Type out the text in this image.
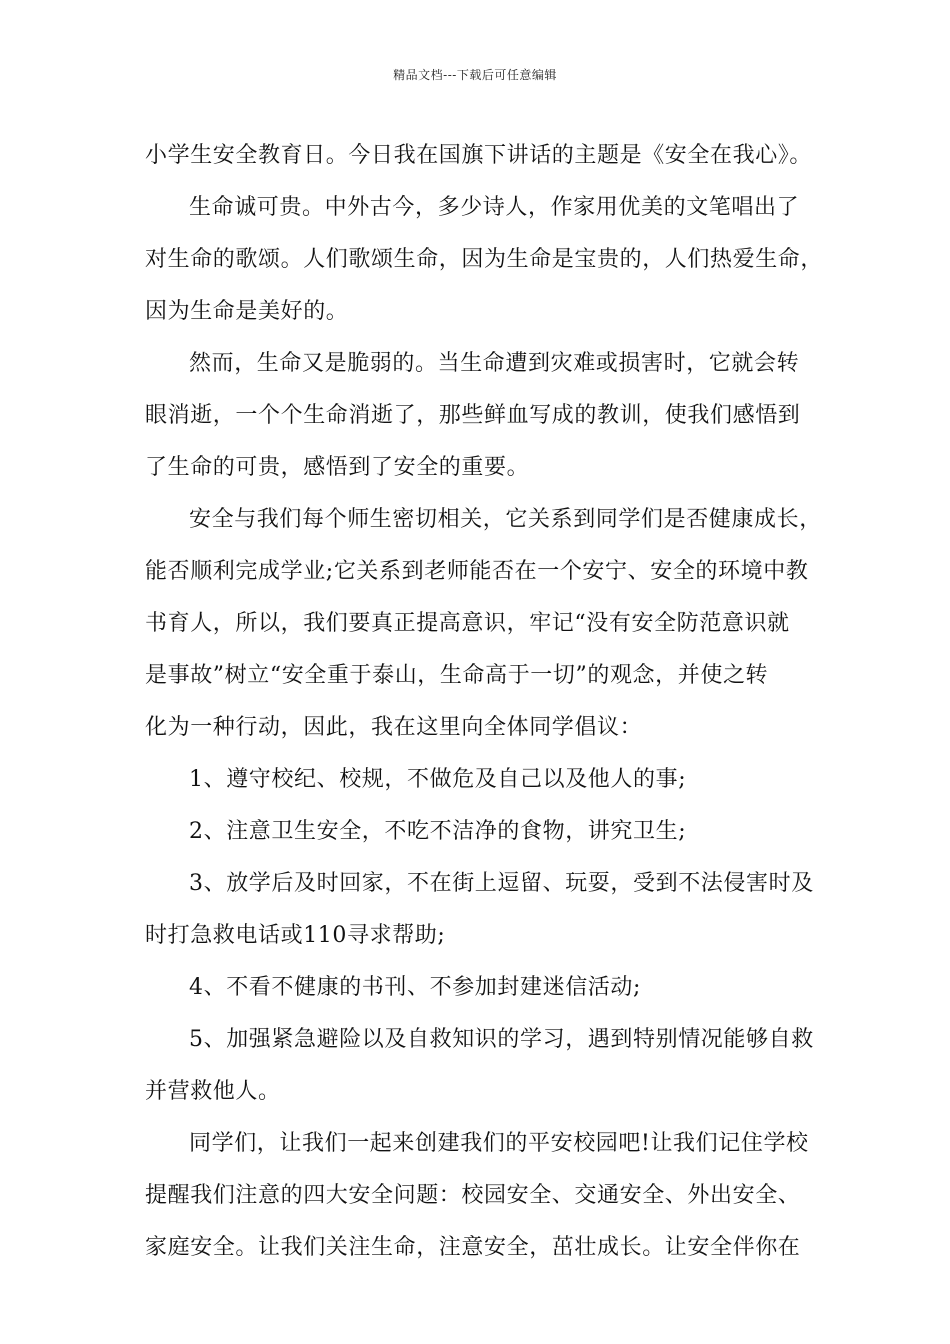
精品文档---下载后可任意编辑
小学生安全教育日。今日我在国旗下讲话的主题是《安全在我心》。
生命诚可贵。中外古今，多少诗人，作家用优美的文笔唱出了
对生命的歌颂。人们歌颂生命，因为生命是宝贵的，人们热爱生命，
因为生命是美好的。
然而，生命又是脆弱的。当生命遭到灾难或损害时，它就会转
眼消逝，一个个生命消逝了，那些鲜血写成的教训，使我们感悟到
了生命的可贵，感悟到了安全的重要。
安全与我们每个师生密切相关，它关系到同学们是否健康成长，
能否顺利完成学业;它关系到老师能否在一个安宁、安全的环境中教
书育人，所以，我们要真正提高意识，牢记“没有安全防范意识就
是事故”树立“安全重于泰山，生命高于一切”的观念，并使之转
化为一种行动，因此，我在这里向全体同学倡议：
1、遵守校纪、校规，不做危及自己以及他人的事;
2、注意卫生安全，不吃不洁净的食物，讲究卫生;
3、放学后及时回家，不在街上逗留、玩耍，受到不法侵害时及
时打急救电话或110寻求帮助;
4、不看不健康的书刊、不参加封建迷信活动;
5、加强紧急避险以及自救知识的学习，遇到特别情况能够自救
并营救他人。
同学们，让我们一起来创建我们的平安校园吧!让我们记住学校
提醒我们注意的四大安全问题：校园安全、交通安全、外出安全、
家庭安全。让我们关注生命，注意安全，茁壮成长。让安全伴你在
